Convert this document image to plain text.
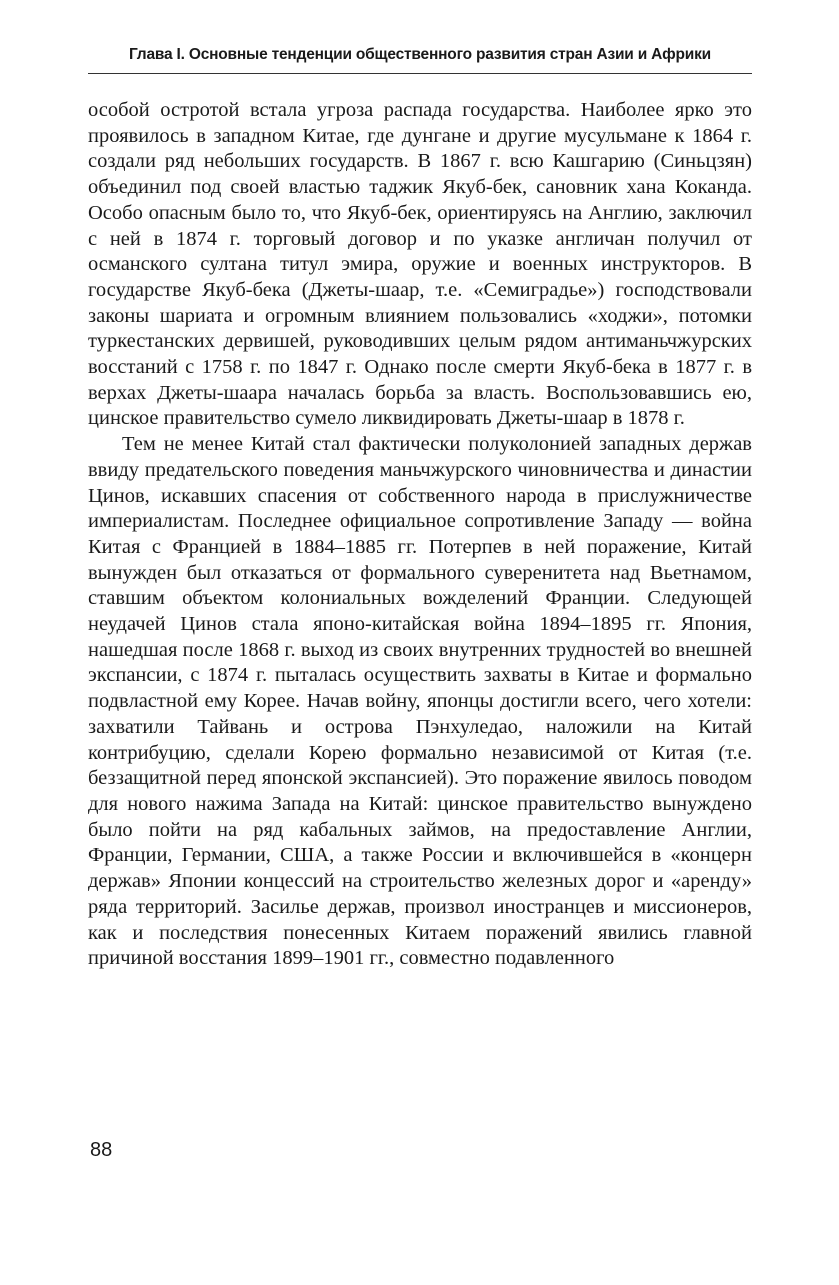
Глава I. Основные тенденции общественного развития стран Азии и Африки

особой остротой встала угроза распада государства. Наиболее ярко это проявилось в западном Китае, где дунгане и другие мусульмане к 1864 г. создали ряд небольших государств. В 1867 г. всю Кашгарию (Синьцзян) объединил под своей властью таджик Якуб-бек, сановник хана Коканда. Особо опасным было то, что Якуб-бек, ориентируясь на Англию, заключил с ней в 1874 г. торговый договор и по указке англичан получил от османского султана титул эмира, оружие и военных инструкторов. В государстве Якуб-бека (Джеты-шаар, т.е. «Семиградье») господствовали законы шариата и огромным влиянием пользовались «ходжи», потомки туркестанских дервишей, руководивших целым рядом антиманьчжурских восстаний с 1758 г. по 1847 г. Однако после смерти Якуб-бека в 1877 г. в верхах Джеты-шаара началась борьба за власть. Воспользовавшись ею, цинское правительство сумело ликвидировать Джеты-шаар в 1878 г.

Тем не менее Китай стал фактически полуколонией западных держав ввиду предательского поведения маньчжурского чиновничества и династии Цинов, искавших спасения от собственного народа в прислужничестве империалистам. Последнее официальное сопротивление Западу — война Китая с Францией в 1884–1885 гг. Потерпев в ней поражение, Китай вынужден был отказаться от формального суверенитета над Вьетнамом, ставшим объектом колониальных вожделений Франции. Следующей неудачей Цинов стала японо-китайская война 1894–1895 гг. Япония, нашедшая после 1868 г. выход из своих внутренних трудностей во внешней экспансии, с 1874 г. пыталась осуществить захваты в Китае и формально подвластной ему Корее. Начав войну, японцы достигли всего, чего хотели: захватили Тайвань и острова Пэнхуледао, наложили на Китай контрибуцию, сделали Корею формально независимой от Китая (т.е. беззащитной перед японской экспансией). Это поражение явилось поводом для нового нажима Запада на Китай: цинское правительство вынуждено было пойти на ряд кабальных займов, на предоставление Англии, Франции, Германии, США, а также России и включившейся в «концерн держав» Японии концессий на строительство железных дорог и «аренду» ряда территорий. Засилье держав, произвол иностранцев и миссионеров, как и последствия понесенных Китаем поражений явились главной причиной восстания 1899–1901 гг., совместно подавленного

88
